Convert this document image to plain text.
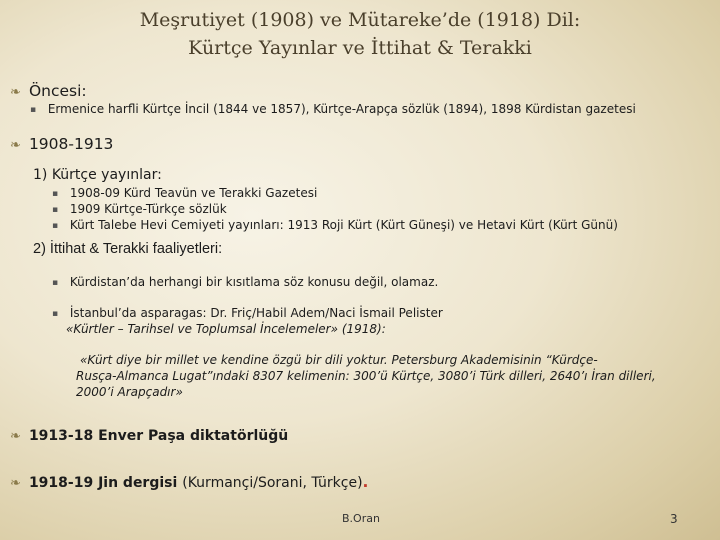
Meşrutiyet (1908) ve Mütareke’de (1918) Dil:
Kürtçe Yayınlar ve İttihat & Terakki
❧ Öncesi:
▪ Ermenice harfli Kürtçe İncil (1844 ve 1857), Kürtçe-Arapça sözlük (1894), 1898 Kürdistan gazetesi
❧ 1908-1913
1) Kürtçe yayınlar:
▪ 1908-09 Kürd Teavün ve Terakki Gazetesi
▪ 1909 Kürtçe-Türkçe sözlük
▪ Kürt Talebe Hevi Cemiyeti yayınları: 1913 Roji Kürt (Kürt Güneşi) ve Hetavi Kürt (Kürt Günü)
2) İttihat & Terakki faaliyetleri:
▪ Kürdistan’da herhangi bir kısıtlama söz konusu değil, olamaz.
▪ İstanbul’da asparagas: Dr. Friç/Habil Adem/Naci İsmail Pelister
«Kürtler – Tarihsel ve Toplumsal İncelemeler» (1918):
«Kürt diye bir millet ve kendine özgü bir dili yoktur. Petersburg Akademisinin “Kürdçe-
Rusça-Almanca Lugat”ındaki 8307 kelimenin: 300’ü Kürtçe, 3080’i Türk dilleri, 2640’ı İran dilleri,
2000’i Arapçadır»
❧ 1913-18 Enver Paşa diktatörlüğü
❧ 1918-19 Jin dergisi (Kurmançi/Sorani, Türkçe).
B.Oran	3
